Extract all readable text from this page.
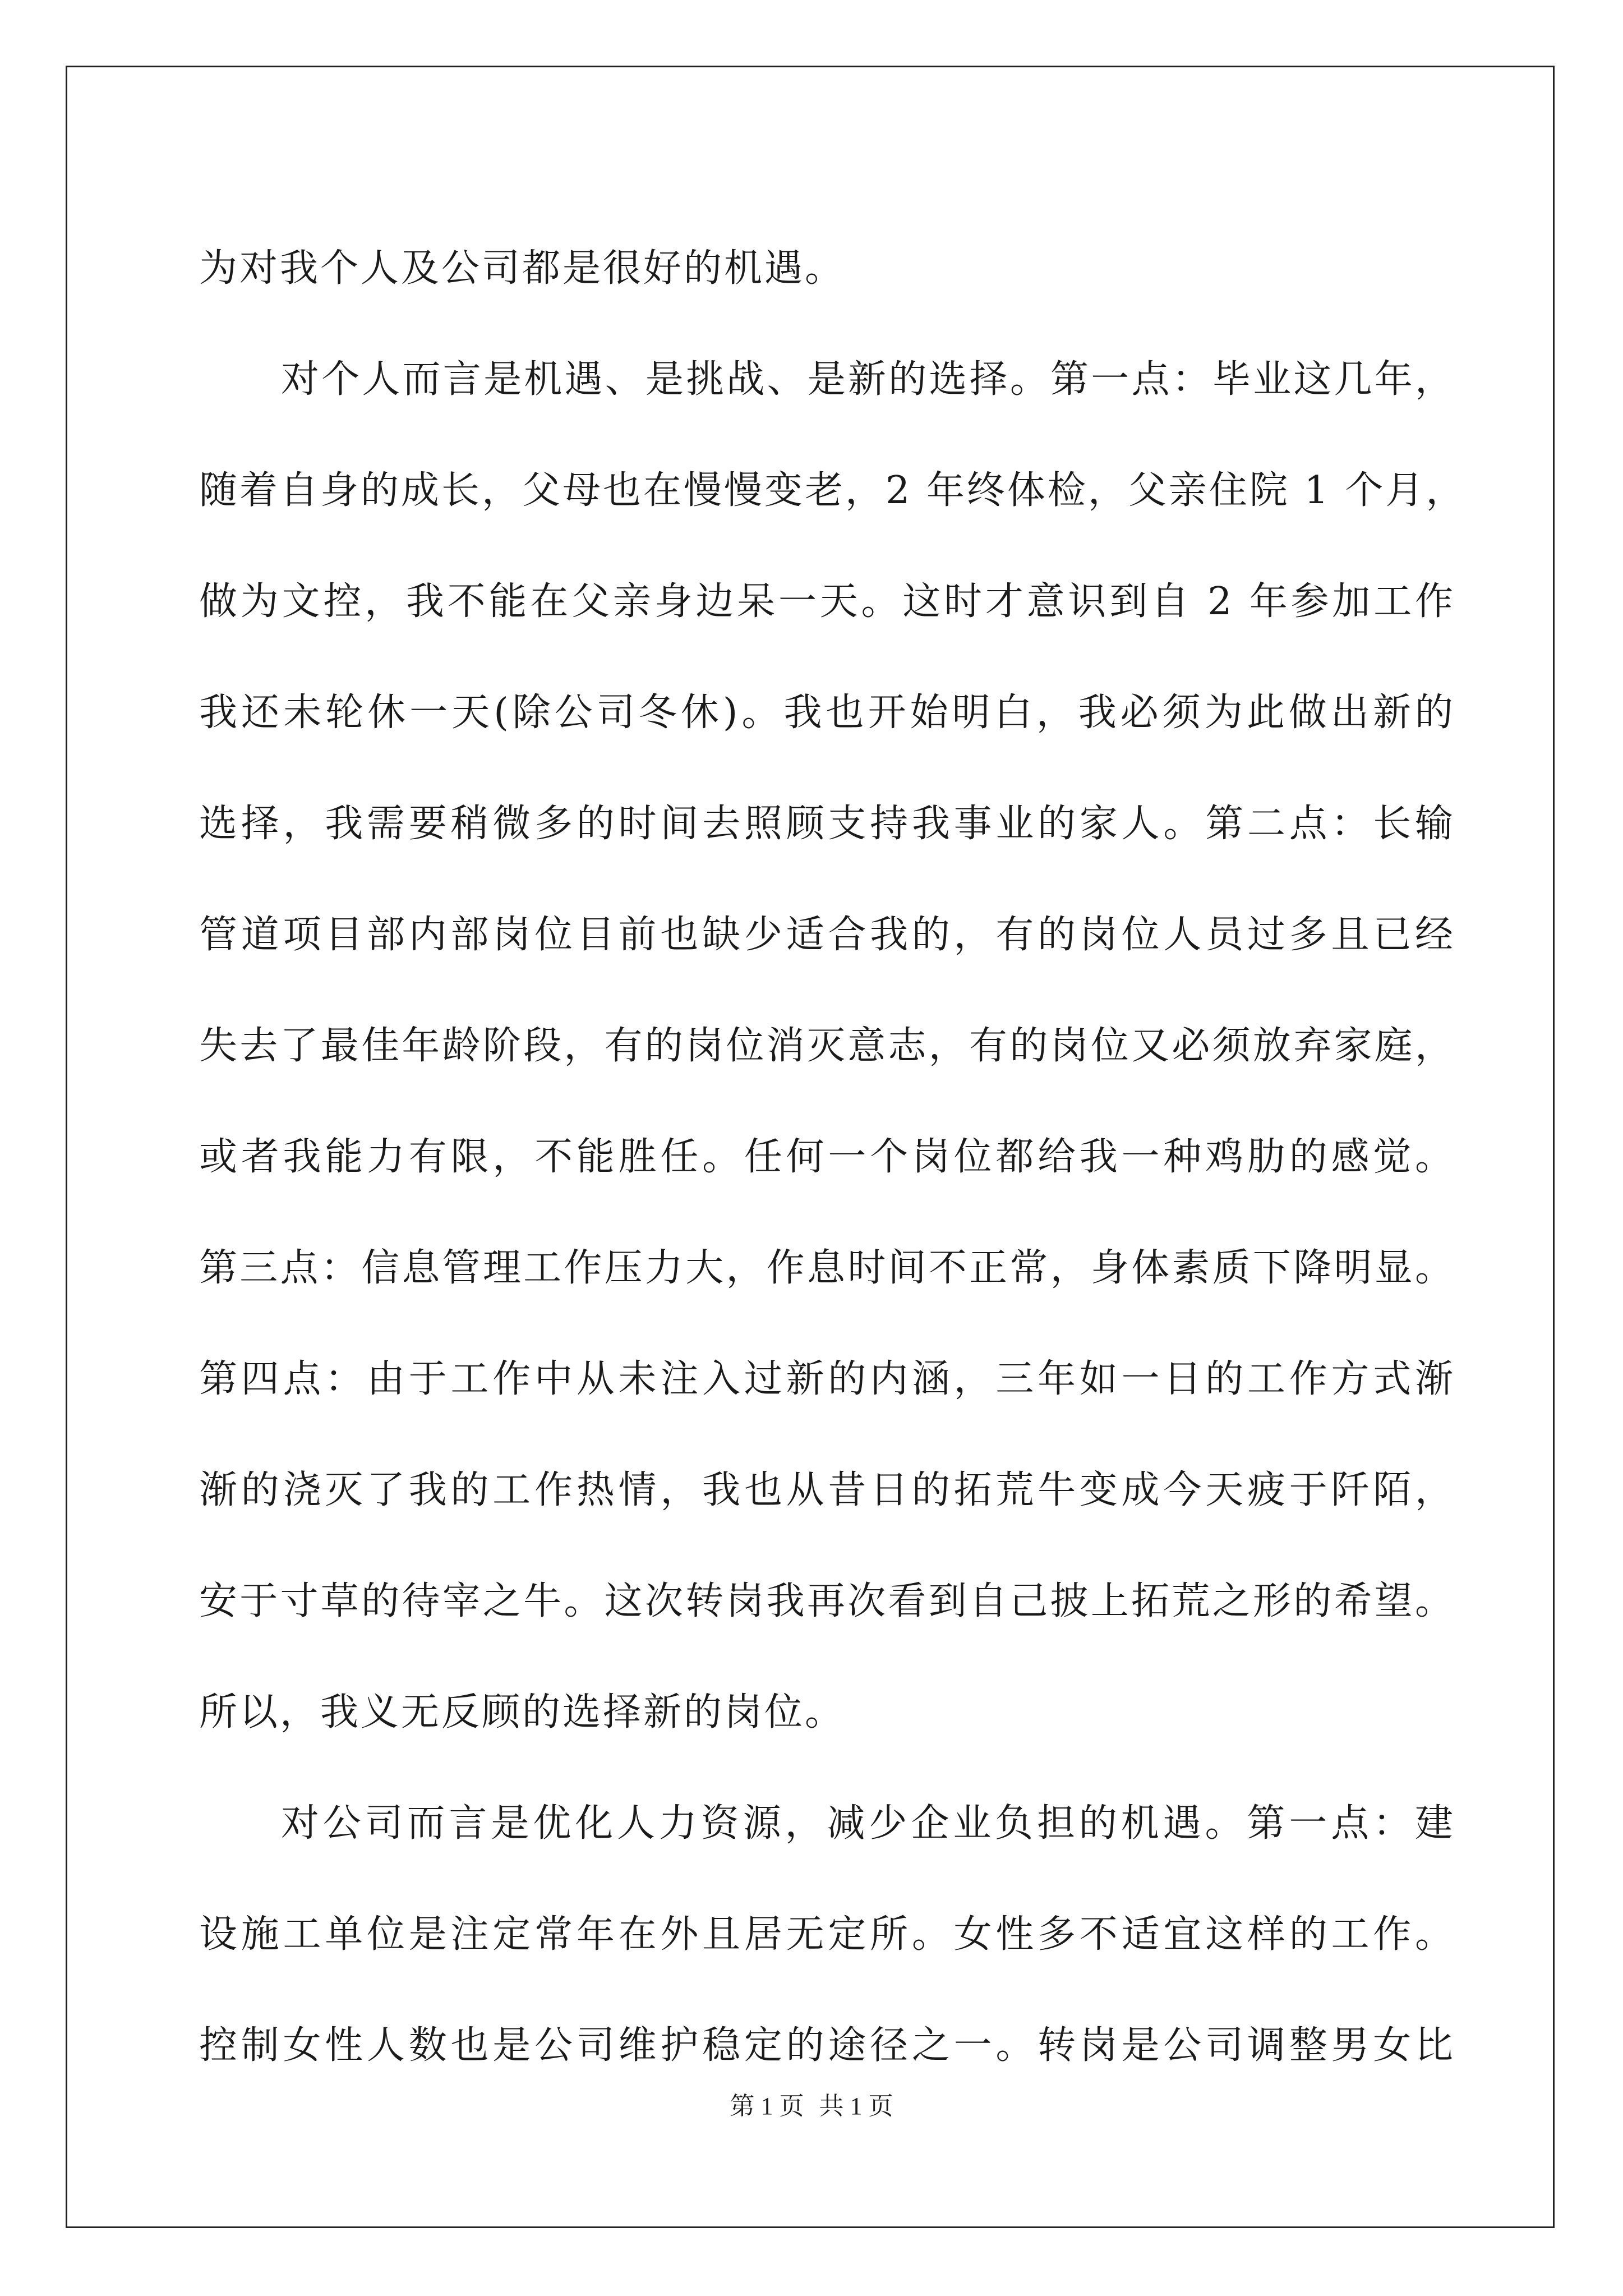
为对我个人及公司都是很好的机遇。
对个人而言是机遇、是挑战、是新的选择。第一点：毕业这几年，
随着自身的成长，父母也在慢慢变老，2 年终体检，父亲住院 1 个月，
做为文控，我不能在父亲身边呆一天。这时才意识到自 2 年参加工作
我还未轮休一天(除公司冬休)。我也开始明白，我必须为此做出新的
选择，我需要稍微多的时间去照顾支持我事业的家人。第二点：长输
管道项目部内部岗位目前也缺少适合我的，有的岗位人员过多且已经
失去了最佳年龄阶段，有的岗位消灭意志，有的岗位又必须放弃家庭，
或者我能力有限，不能胜任。任何一个岗位都给我一种鸡肋的感觉。
第三点：信息管理工作压力大，作息时间不正常，身体素质下降明显。
第四点：由于工作中从未注入过新的内涵，三年如一日的工作方式渐
渐的浇灭了我的工作热情，我也从昔日的拓荒牛变成今天疲于阡陌，
安于寸草的待宰之牛。这次转岗我再次看到自己披上拓荒之形的希望。
所以，我义无反顾的选择新的岗位。
对公司而言是优化人力资源，减少企业负担的机遇。第一点：建
设施工单位是注定常年在外且居无定所。女性多不适宜这样的工作。
控制女性人数也是公司维护稳定的途径之一。转岗是公司调整男女比
第 1 页 共 1 页
